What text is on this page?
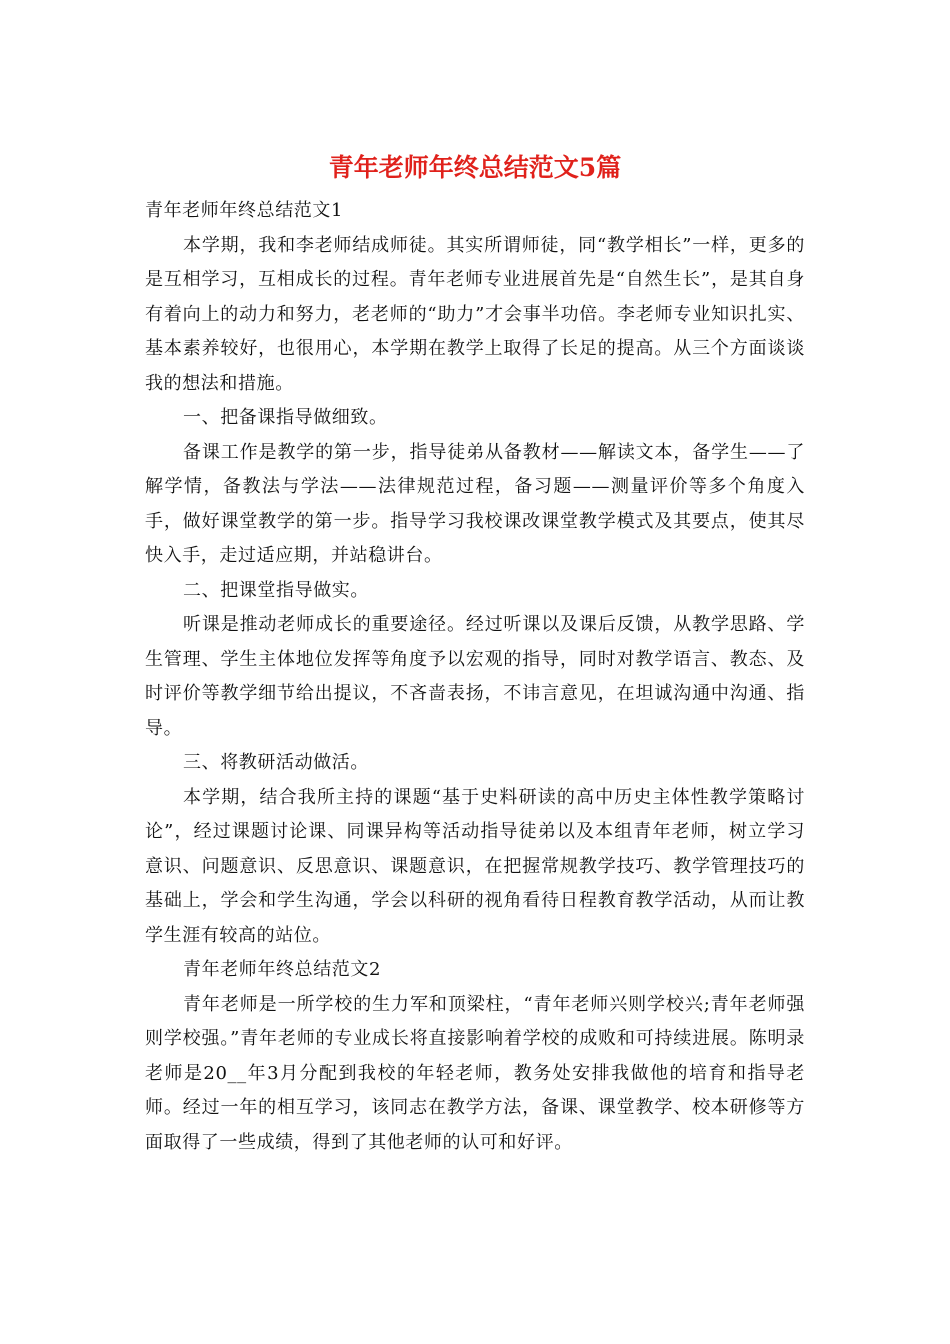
青年老师年终总结范文5篇

青年老师年终总结范文1

本学期，我和李老师结成师徒。其实所谓师徒，同“教学相长”一样，更多的是互相学习，互相成长的过程。青年老师专业进展首先是“自然生长”，是其自身有着向上的动力和努力，老老师的“助力”才会事半功倍。李老师专业知识扎实、基本素养较好，也很用心，本学期在教学上取得了长足的提高。从三个方面谈谈我的想法和措施。

一、把备课指导做细致。

备课工作是教学的第一步，指导徒弟从备教材——解读文本，备学生——了解学情，备教法与学法——法律规范过程，备习题——测量评价等多个角度入手，做好课堂教学的第一步。指导学习我校课改课堂教学模式及其要点，使其尽快入手，走过适应期，并站稳讲台。

二、把课堂指导做实。

听课是推动老师成长的重要途径。经过听课以及课后反馈，从教学思路、学生管理、学生主体地位发挥等角度予以宏观的指导，同时对教学语言、教态、及时评价等教学细节给出提议，不吝啬表扬，不讳言意见，在坦诚沟通中沟通、指导。

三、将教研活动做活。

本学期，结合我所主持的课题“基于史料研读的高中历史主体性教学策略讨论”，经过课题讨论课、同课异构等活动指导徒弟以及本组青年老师，树立学习意识、问题意识、反思意识、课题意识，在把握常规教学技巧、教学管理技巧的基础上，学会和学生沟通，学会以科研的视角看待日程教育教学活动，从而让教学生涯有较高的站位。

青年老师年终总结范文2

青年老师是一所学校的生力军和顶梁柱，“青年老师兴则学校兴;青年老师强则学校强。”青年老师的专业成长将直接影响着学校的成败和可持续进展。陈明录老师是20__年3月分配到我校的年轻老师，教务处安排我做他的培育和指导老师。经过一年的相互学习，该同志在教学方法，备课、课堂教学、校本研修等方面取得了一些成绩，得到了其他老师的认可和好评。
